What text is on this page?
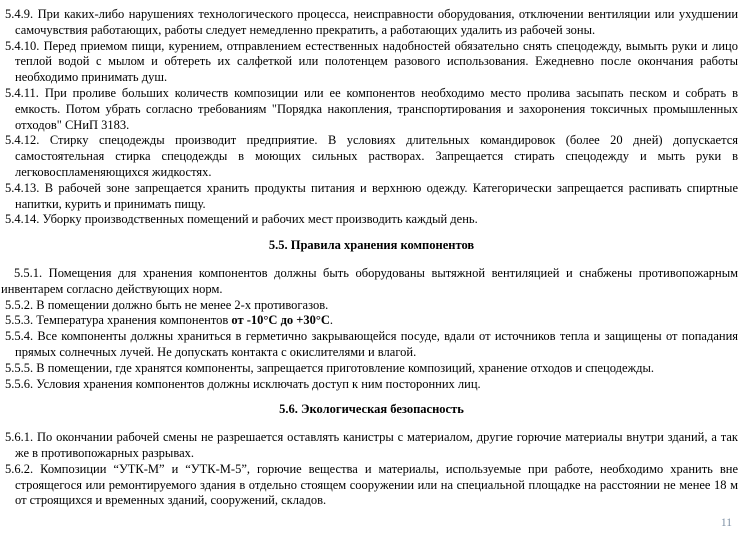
5.4.9. При каких-либо нарушениях технологического процесса, неисправности оборудования, отключении вентиляции или ухудшении самочувствия работающих, работы следует немедленно прекратить, а работающих удалить из рабочей зоны.

5.4.10. Перед приемом пищи, курением, отправлением естественных надобностей обязательно снять спецодежду, вымыть руки и лицо теплой водой с мылом и обтереть их салфеткой или полотенцем разового использования. Ежедневно после окончания работы необходимо принимать душ.

5.4.11. При проливе больших количеств композиции или ее компонентов необходимо место пролива засыпать песком и собрать в емкость. Потом убрать согласно требованиям "Порядка накопления, транспортирования и захоронения токсичных промышленных отходов" СНиП 3183.

5.4.12. Стирку спецодежды производит предприятие. В условиях длительных командировок (более 20 дней) допускается самостоятельная стирка спецодежды в моющих сильных растворах. Запрещается стирать спецодежду и мыть руки в легковоспламеняющихся жидкостях.

5.4.13. В рабочей зоне запрещается хранить продукты питания и верхнюю одежду. Категорически запрещается распивать спиртные напитки, курить и принимать пищу.

5.4.14. Уборку производственных помещений и рабочих мест производить каждый день.

5.5. Правила хранения компонентов

5.5.1. Помещения для хранения компонентов должны быть оборудованы вытяжной вентиляцией и снабжены противопожарным инвентарем согласно действующих норм.

5.5.2. В помещении должно быть не менее 2-х противогазов.

5.5.3. Температура хранения компонентов от -10°С до +30°С.

5.5.4. Все компоненты должны храниться в герметично закрывающейся посуде, вдали от источников тепла и защищены от попадания прямых солнечных лучей. Не допускать контакта с окислителями и влагой.

5.5.5. В помещении, где хранятся компоненты, запрещается приготовление композиций, хранение отходов и спецодежды.

5.5.6. Условия хранения компонентов должны исключать доступ к ним посторонних лиц.

5.6. Экологическая безопасность

5.6.1. По окончании рабочей смены не разрешается оставлять канистры с материалом, другие горючие материалы внутри зданий, а так же в противопожарных разрывах.

5.6.2. Композиции “УТК-М” и “УТК-М-5”, горючие вещества и материалы, используемые при работе, необходимо хранить вне строящегося или ремонтируемого здания в отдельно стоящем сооружении или на специальной площадке на расстоянии не менее 18 м от строящихся и временных зданий, сооружений, складов.

11
